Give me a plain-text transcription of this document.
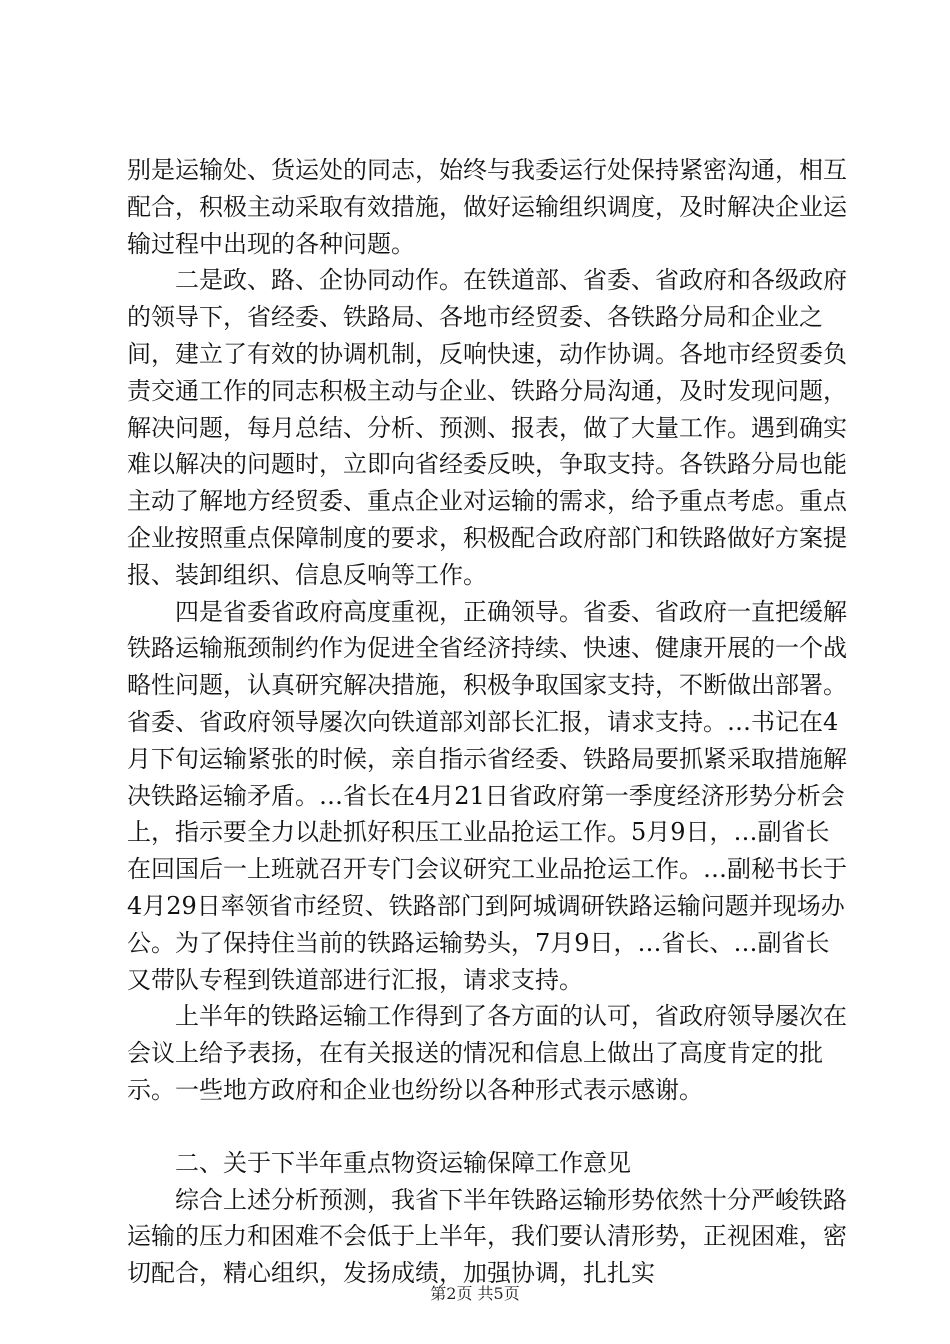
别是运输处、货运处的同志，始终与我委运行处保持紧密沟通，相互配合，积极主动采取有效措施，做好运输组织调度，及时解决企业运输过程中出现的各种问题。

二是政、路、企协同动作。在铁道部、省委、省政府和各级政府的领导下，省经委、铁路局、各地市经贸委、各铁路分局和企业之间，建立了有效的协调机制，反响快速，动作协调。各地市经贸委负责交通工作的同志积极主动与企业、铁路分局沟通，及时发现问题，解决问题，每月总结、分析、预测、报表，做了大量工作。遇到确实难以解决的问题时，立即向省经委反映，争取支持。各铁路分局也能主动了解地方经贸委、重点企业对运输的需求，给予重点考虑。重点企业按照重点保障制度的要求，积极配合政府部门和铁路做好方案提报、装卸组织、信息反响等工作。

四是省委省政府高度重视，正确领导。省委、省政府一直把缓解铁路运输瓶颈制约作为促进全省经济持续、快速、健康开展的一个战略性问题，认真研究解决措施，积极争取国家支持，不断做出部署。省委、省政府领导屡次向铁道部刘部长汇报，请求支持。…书记在4月下旬运输紧张的时候，亲自指示省经委、铁路局要抓紧采取措施解决铁路运输矛盾。…省长在4月21日省政府第一季度经济形势分析会上，指示要全力以赴抓好积压工业品抢运工作。5月9日，…副省长在回国后一上班就召开专门会议研究工业品抢运工作。…副秘书长于4月29日率领省市经贸、铁路部门到阿城调研铁路运输问题并现场办公。为了保持住当前的铁路运输势头，7月9日，…省长、…副省长又带队专程到铁道部进行汇报，请求支持。

上半年的铁路运输工作得到了各方面的认可，省政府领导屡次在会议上给予表扬，在有关报送的情况和信息上做出了高度肯定的批示。一些地方政府和企业也纷纷以各种形式表示感谢。

二、关于下半年重点物资运输保障工作意见

综合上述分析预测，我省下半年铁路运输形势依然十分严峻铁路运输的压力和困难不会低于上半年，我们要认清形势，正视困难，密切配合，精心组织，发扬成绩，加强协调，扎扎实

第2页 共5页
